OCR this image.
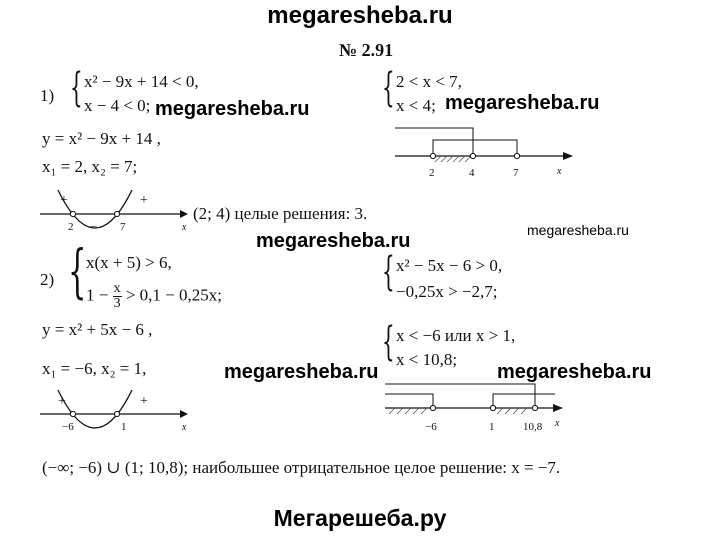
megaresheba.ru
megaresheba.ru	megaresheba.ru
megaresheba.ru
megaresheba.ru
megaresheba.ru	megaresheba.ru
Мегарешеба.ру
№ 2.91
1) { x² − 9x + 14 < 0,
x − 4 < 0;
y = x² − 9x + 14 ,
x₁ = 2, x₂ = 7;
+	+
−
2	7	x
(2; 4) целые решения: 3.
{ 2 < x < 7,
x < 4;
2	4	7	x
2) { x(x + 5) > 6,
$1 - \frac{x}{3} > 0,1 - 0,25x$;	{ x² − 5x − 6 > 0,
−0,25x > −2,7;
y = x² + 5x − 6 ,
x₁ = −6, x₂ = 1,
{ x < −6 или x > 1,
x < 10,8;
+	+
−
−6	1	x	−6	1	10,8 x
(−∞; −6) ∪ (1; 10,8); наибольшее отрицательное целое решение: x = −7.
